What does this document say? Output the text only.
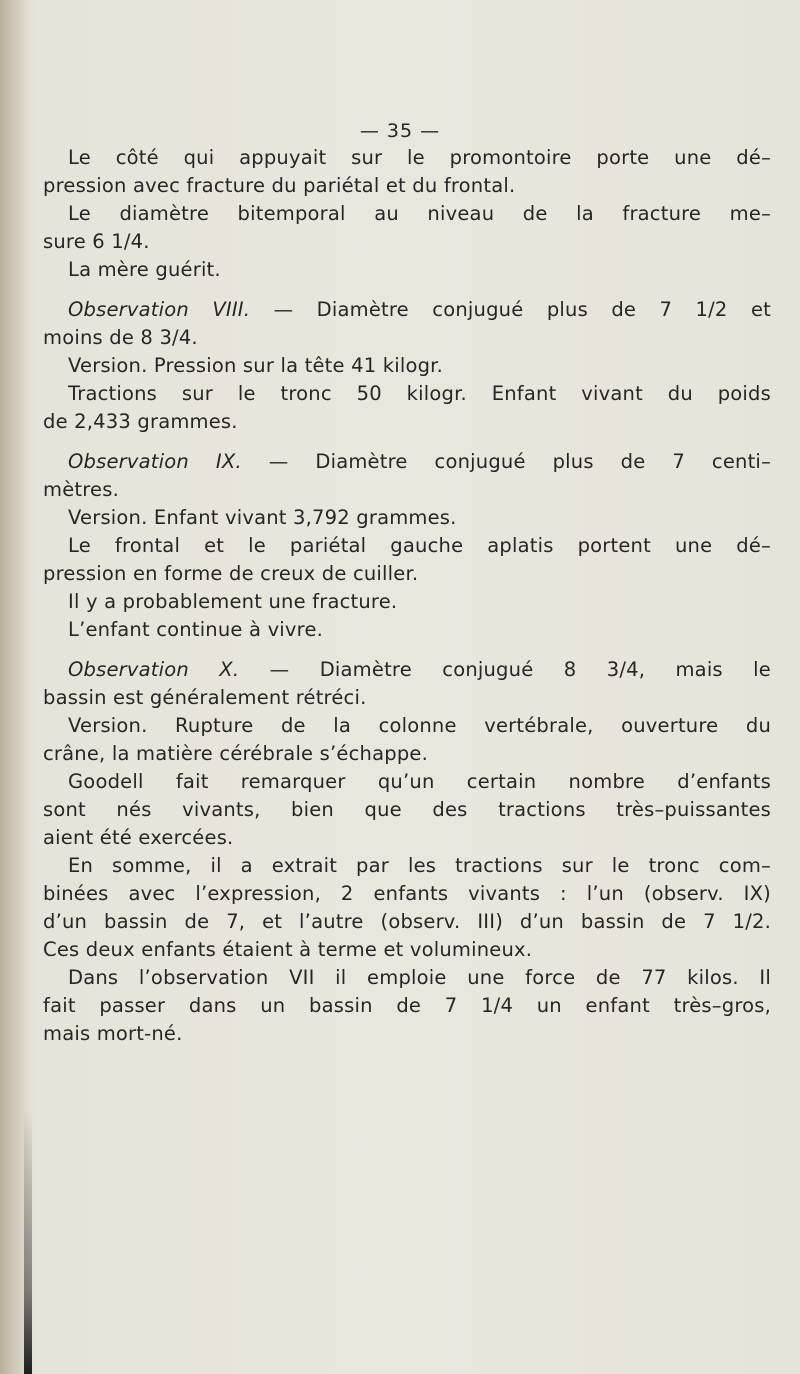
— 35 —
Le côté qui appuyait sur le promontoire porte une dé–
pression avec fracture du pariétal et du frontal.
Le diamètre bitemporal au niveau de la fracture me–
sure 6 1/4.
La mère guérit.
Observation VIII. — Diamètre conjugué plus de 7 1/2 et
moins de 8 3/4.
Version. Pression sur la tête 41 kilogr.
Tractions sur le tronc 50 kilogr. Enfant vivant du poids
de 2,433 grammes.
Observation IX. — Diamètre conjugué plus de 7 centi–
mètres.
Version. Enfant vivant 3,792 grammes.
Le frontal et le pariétal gauche aplatis portent une dé–
pression en forme de creux de cuiller.
Il y a probablement une fracture.
L’enfant continue à vivre.
Observation X. — Diamètre conjugué 8 3/4, mais le
bassin est généralement rétréci.
Version. Rupture de la colonne vertébrale, ouverture du
crâne, la matière cérébrale s’échappe.
Goodell fait remarquer qu’un certain nombre d’enfants
sont nés vivants, bien que des tractions très–puissantes
aient été exercées.
En somme, il a extrait par les tractions sur le tronc com–
binées avec l’expression, 2 enfants vivants : l’un (observ. IX)
d’un bassin de 7, et l’autre (observ. III) d’un bassin de 7 1/2.
Ces deux enfants étaient à terme et volumineux.
Dans l’observation VII il emploie une force de 77 kilos. Il
fait passer dans un bassin de 7 1/4 un enfant très–gros,
mais mort-né.
